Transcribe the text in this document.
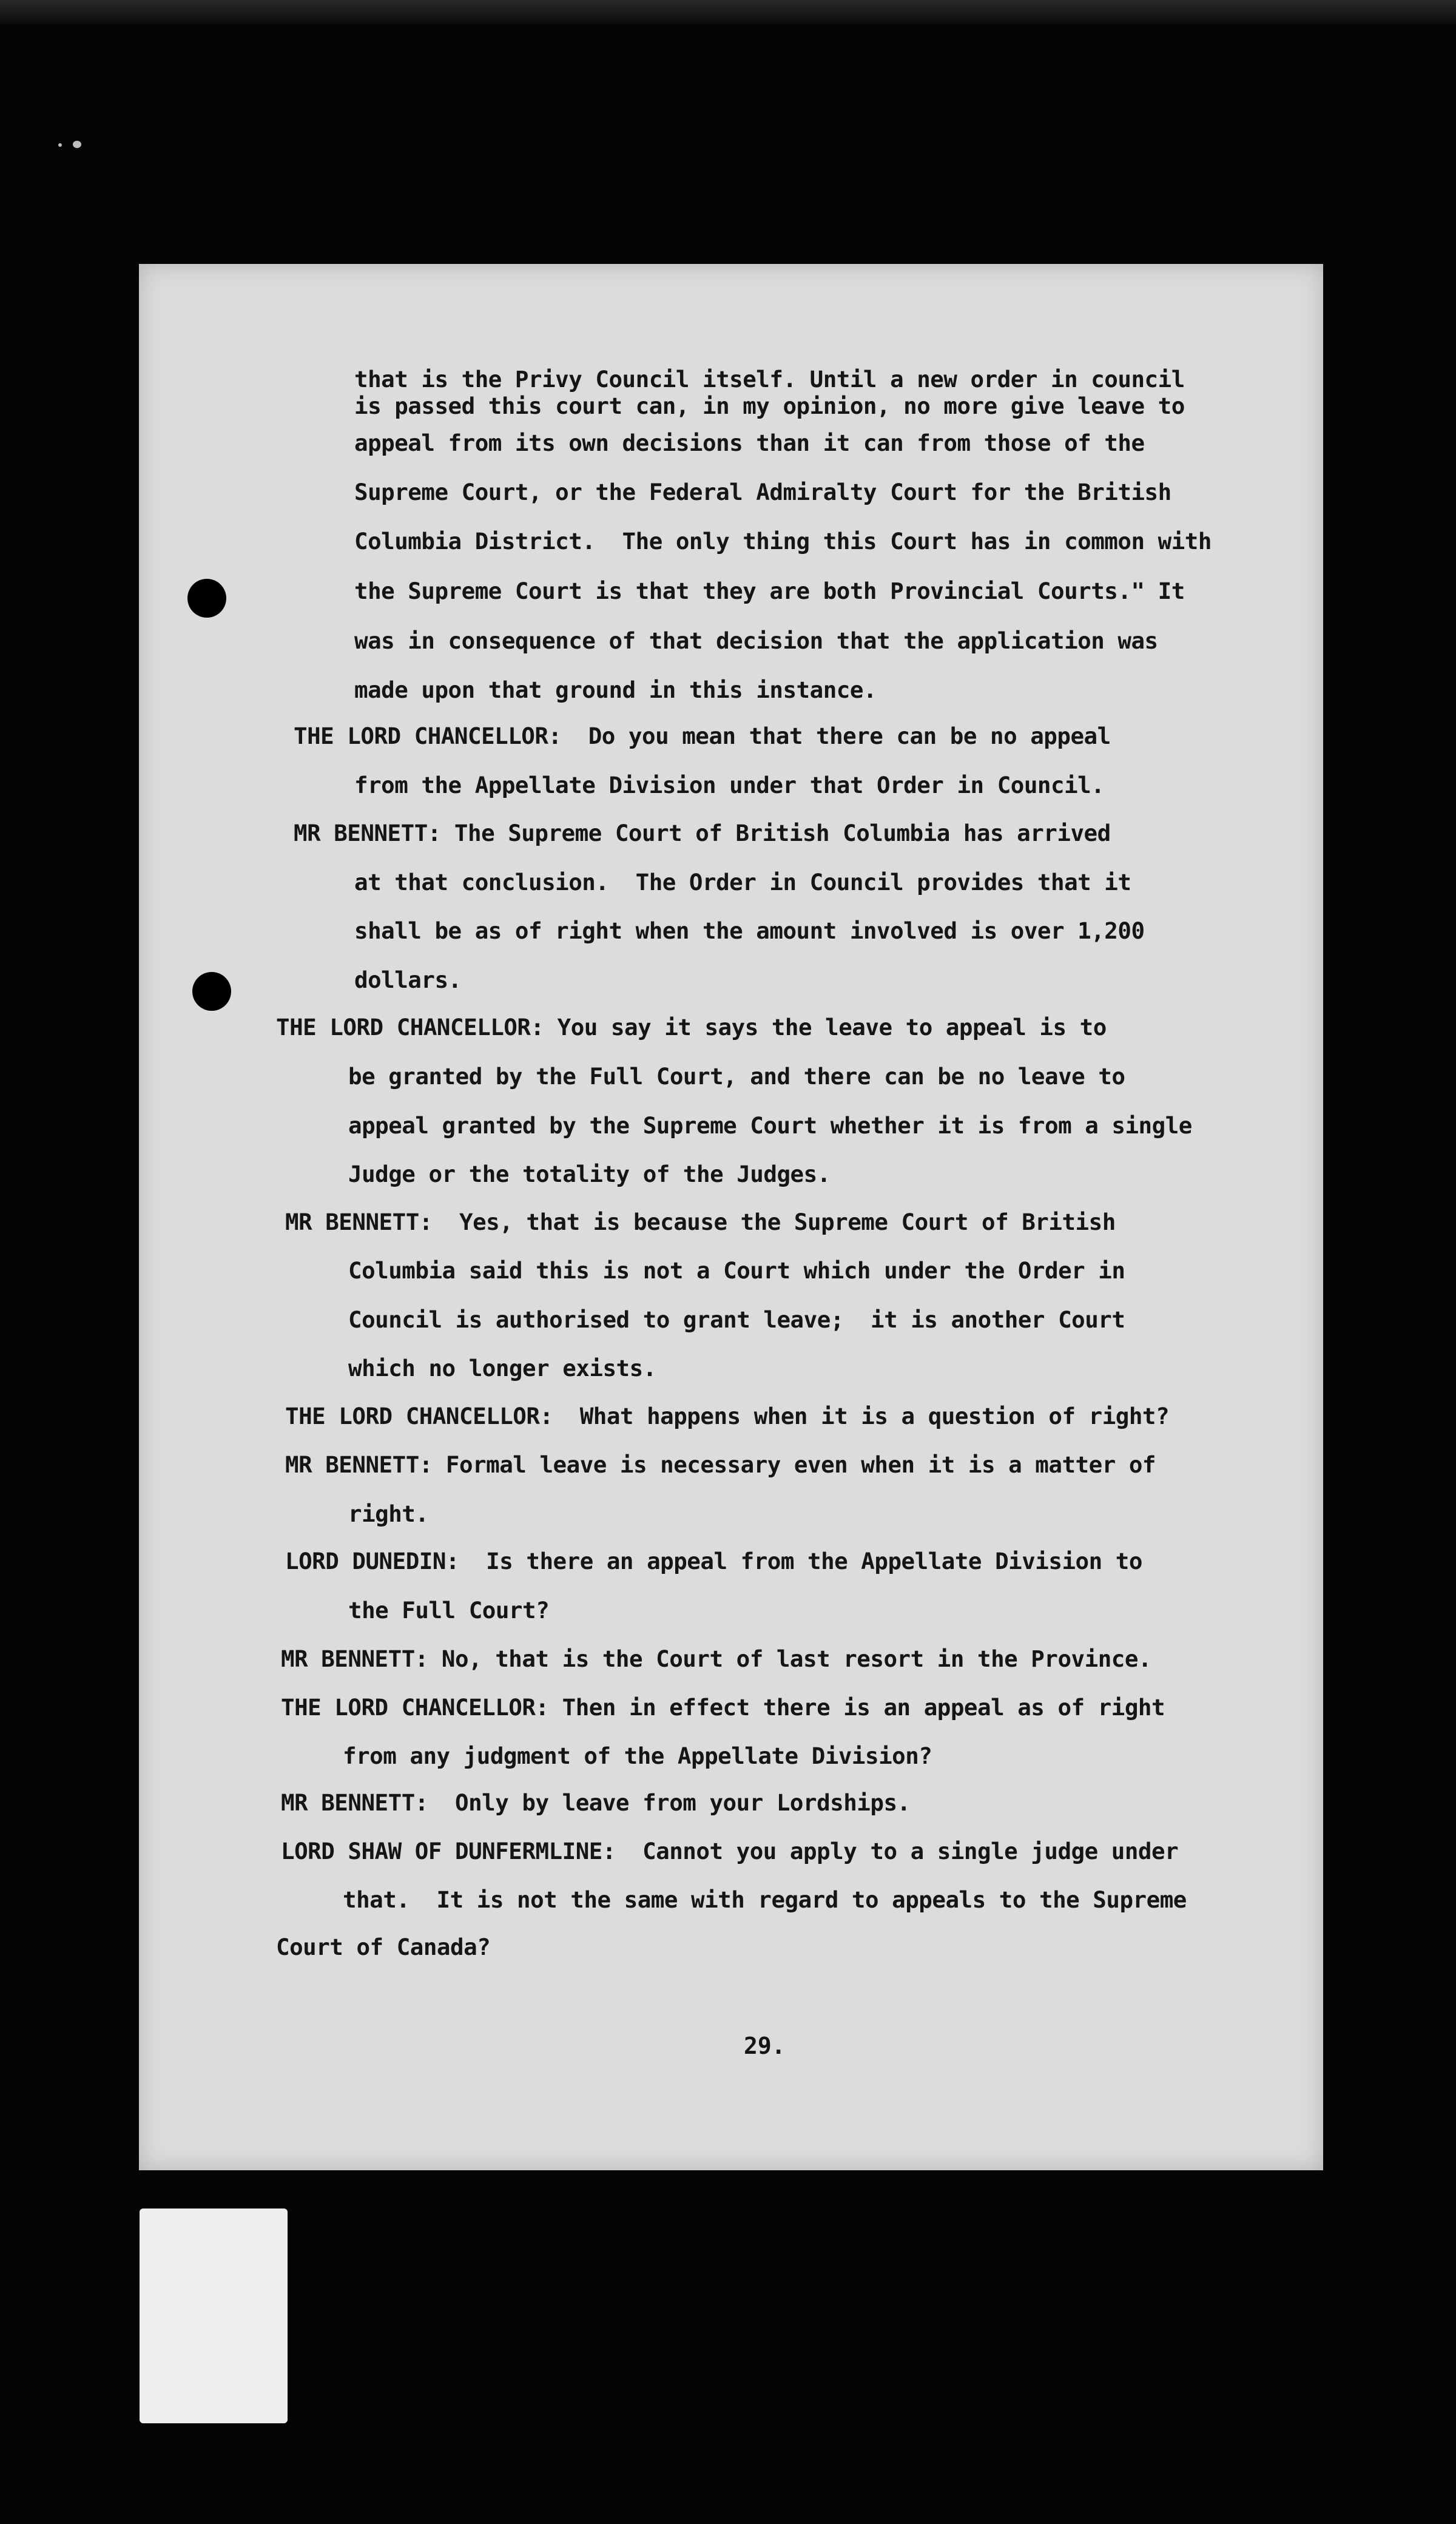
that is the Privy Council itself. Until a new order in council
is passed this court can, in my opinion, no more give leave to
appeal from its own decisions than it can from those of the
Supreme Court, or the Federal Admiralty Court for the British
Columbia District.  The only thing this Court has in common with
the Supreme Court is that they are both Provincial Courts." It
was in consequence of that decision that the application was
made upon that ground in this instance.
THE LORD CHANCELLOR:  Do you mean that there can be no appeal
from the Appellate Division under that Order in Council.
MR BENNETT: The Supreme Court of British Columbia has arrived
at that conclusion.  The Order in Council provides that it
shall be as of right when the amount involved is over 1,200
dollars.
THE LORD CHANCELLOR: You say it says the leave to appeal is to
be granted by the Full Court, and there can be no leave to
appeal granted by the Supreme Court whether it is from a single
Judge or the totality of the Judges.
MR BENNETT:  Yes, that is because the Supreme Court of British
Columbia said this is not a Court which under the Order in
Council is authorised to grant leave;  it is another Court
which no longer exists.
THE LORD CHANCELLOR:  What happens when it is a question of right?
MR BENNETT: Formal leave is necessary even when it is a matter of
right.
LORD DUNEDIN:  Is there an appeal from the Appellate Division to
the Full Court?
MR BENNETT: No, that is the Court of last resort in the Province.
THE LORD CHANCELLOR: Then in effect there is an appeal as of right
from any judgment of the Appellate Division?
MR BENNETT:  Only by leave from your Lordships.
LORD SHAW OF DUNFERMLINE:  Cannot you apply to a single judge under
that.  It is not the same with regard to appeals to the Supreme
Court of Canada?
29.
